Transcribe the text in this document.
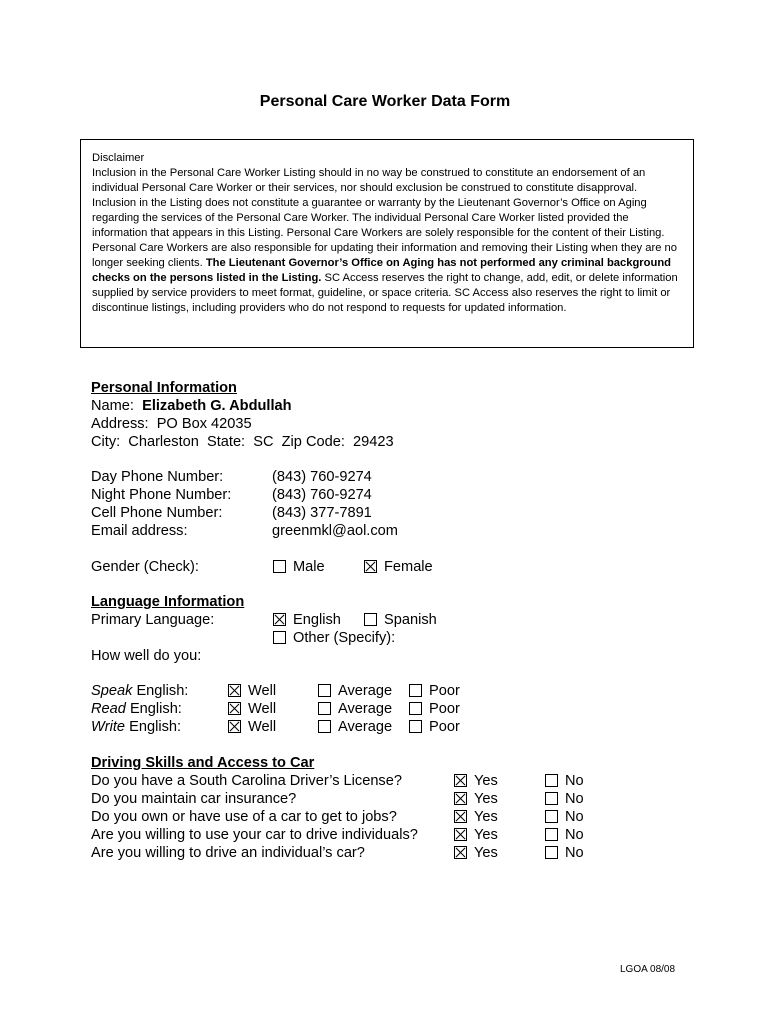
Personal Care Worker Data Form
Disclaimer
Inclusion in the Personal Care Worker Listing should in no way be construed to constitute an endorsement of an individual Personal Care Worker or their services, nor should exclusion be construed to constitute disapproval. Inclusion in the Listing does not constitute a guarantee or warranty by the Lieutenant Governor’s Office on Aging regarding the services of the Personal Care Worker. The individual Personal Care Worker listed provided the information that appears in this Listing. Personal Care Workers are solely responsible for the content of their Listing. Personal Care Workers are also responsible for updating their information and removing their Listing when they are no longer seeking clients. The Lieutenant Governor’s Office on Aging has not performed any criminal background checks on the persons listed in the Listing. SC Access reserves the right to change, add, edit, or delete information supplied by service providers to meet format, guideline, or space criteria. SC Access also reserves the right to limit or discontinue listings, including providers who do not respond to requests for updated information.
Personal Information
Name: Elizabeth G. Abdullah
Address: PO Box 42035
City: Charleston State: SC Zip Code: 29423
Day Phone Number:	(843) 760-9274
Night Phone Number:	(843) 760-9274
Cell Phone Number:	(843) 377-7891
Email address:	greenmkl@aol.com
Gender (Check):	Male	Female
Language Information
Primary Language:	English	Spanish
Other (Specify):
How well do you:
Speak English:	Well	Average	Poor
Read English:	Well	Average	Poor
Write English:	Well	Average	Poor
Driving Skills and Access to Car
Do you have a South Carolina Driver’s License?	Yes	No
Do you maintain car insurance?	Yes	No
Do you own or have use of a car to get to jobs?	Yes	No
Are you willing to use your car to drive individuals?	Yes	No
Are you willing to drive an individual’s car?	Yes	No
LGOA 08/08
